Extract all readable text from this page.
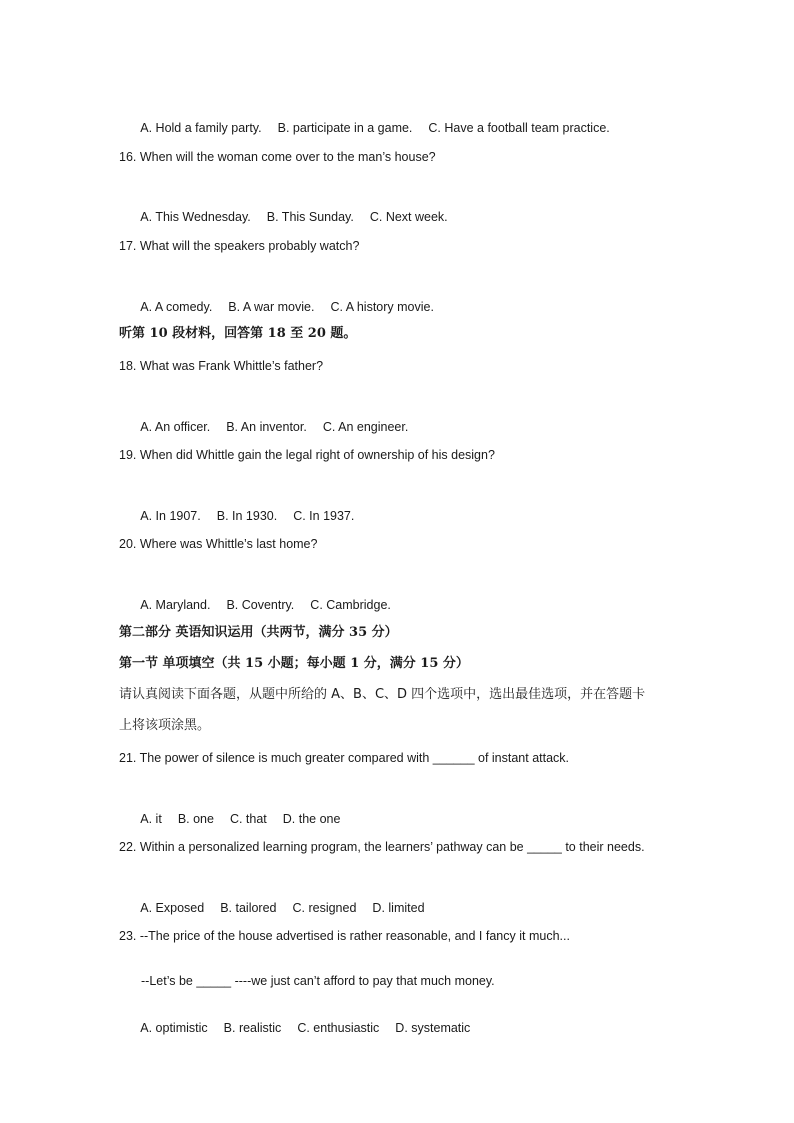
A. Hold a family party. B. participate in a game. C. Have a football team practice.

16. When will the woman come over to the man’s house?

A. This Wednesday. B. This Sunday. C. Next week.

17. What will the speakers probably watch?

A. A comedy. B. A war movie. C. A history movie.

听第 10 段材料，回答第 18 至 20 题。
18. What was Frank Whittle’s father?

A. An officer. B. An inventor. C. An engineer.

19. When did Whittle gain the legal right of ownership of his design?

A. In 1907. B. In 1930. C. In 1937.

20. Where was Whittle’s last home?

A. Maryland. B. Coventry. C. Cambridge.

第二部分 英语知识运用（共两节，满分 35 分）
第一节 单项填空（共 15 小题；每小题 1 分，满分 15 分）
请认真阅读下面各题，从题中所给的 A、B、C、D 四个选项中，选出最佳选项，并在答题卡
上将该项涂黑。
21. The power of silence is much greater compared with ______ of instant attack.

A. it B. one C. that D. the one

22. Within a personalized learning program, the learners’ pathway can be _____ to their needs.

A. Exposed B. tailored C. resigned D. limited

23. --The price of the house advertised is rather reasonable, and I fancy it much...
--Let’s be _____ ----we just can’t afford to pay that much money.

A. optimistic B. realistic C. enthusiastic D. systematic
